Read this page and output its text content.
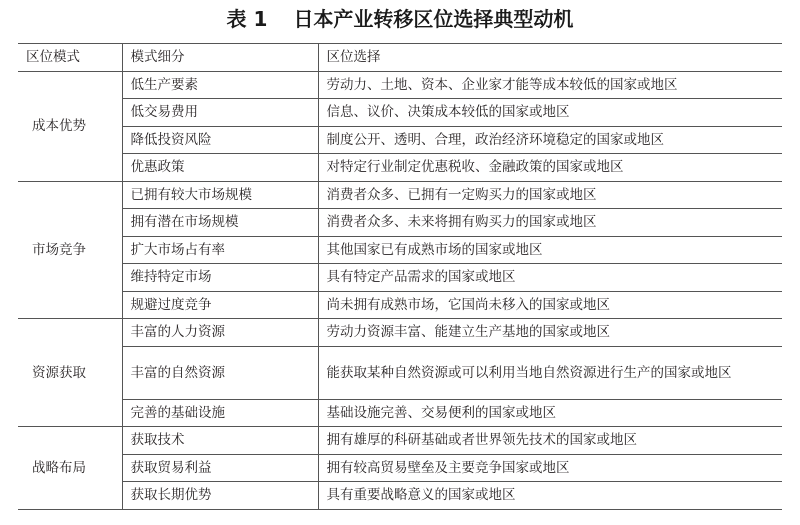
表 1 日本产业转移区位选择典型动机
区位模式	模式细分	区位选择
成本优势	低生产要素	劳动力、土地、资本、企业家才能等成本较低的国家或地区
	低交易费用	信息、议价、决策成本较低的国家或地区
	降低投资风险	制度公开、透明、合理，政治经济环境稳定的国家或地区
	优惠政策	对特定行业制定优惠税收、金融政策的国家或地区
市场竞争	已拥有较大市场规模	消费者众多、已拥有一定购买力的国家或地区
	拥有潜在市场规模	消费者众多、未来将拥有购买力的国家或地区
	扩大市场占有率	其他国家已有成熟市场的国家或地区
	维持特定市场	具有特定产品需求的国家或地区
	规避过度竞争	尚未拥有成熟市场，它国尚未移入的国家或地区
资源获取	丰富的人力资源	劳动力资源丰富、能建立生产基地的国家或地区
	丰富的自然资源	能获取某种自然资源或可以利用当地自然资源进行生产的国家或地区
	完善的基础设施	基础设施完善、交易便利的国家或地区
战略布局	获取技术	拥有雄厚的科研基础或者世界领先技术的国家或地区
	获取贸易利益	拥有较高贸易壁垒及主要竞争国家或地区
	获取长期优势	具有重要战略意义的国家或地区
